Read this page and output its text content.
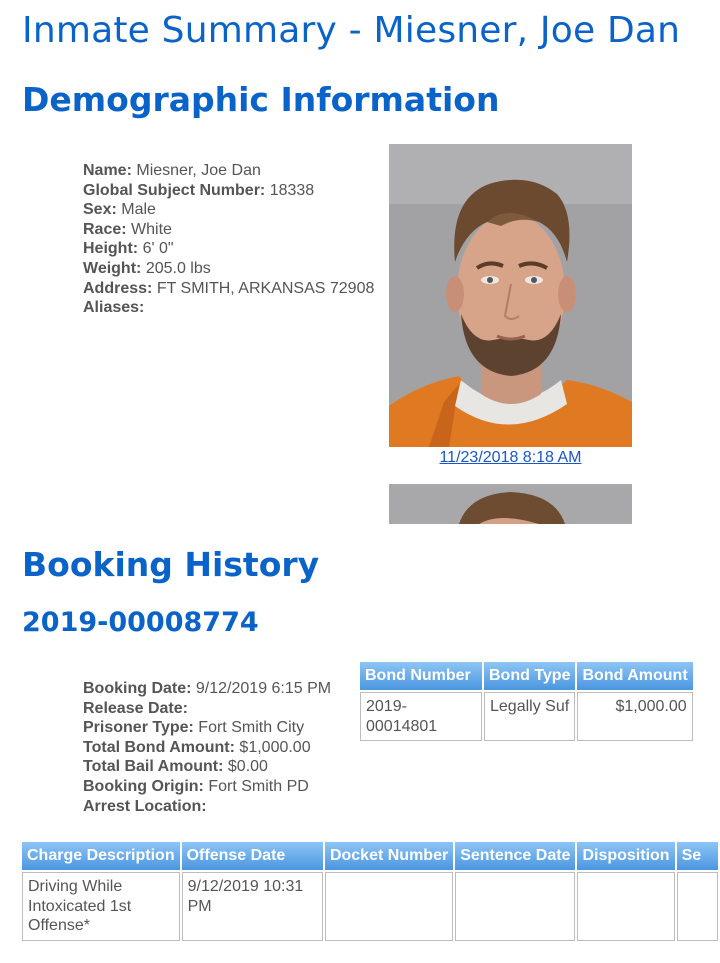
Inmate Summary - Miesner, Joe Dan
Demographic Information
Name: Miesner, Joe Dan
Global Subject Number: 18338
Sex: Male
Race: White
Height: 6' 0"
Weight: 205.0 lbs
Address: FT SMITH, ARKANSAS 72908
Aliases:
11/23/2018 8:18 AM
Booking History
2019-00008774
Booking Date: 9/12/2019 6:15 PM
Release Date:
Prisoner Type: Fort Smith City
Total Bond Amount: $1,000.00
Total Bail Amount: $0.00
Booking Origin: Fort Smith PD
Arrest Location:
Bond Number	Bond Type	Bond Amount
2019-00014801	Legally Suf	$1,000.00
Charge Description	Offense Date	Docket Number	Sentence Date	Disposition	Se
Driving While Intoxicated 1st Offense*	9/12/2019 10:31 PM				
